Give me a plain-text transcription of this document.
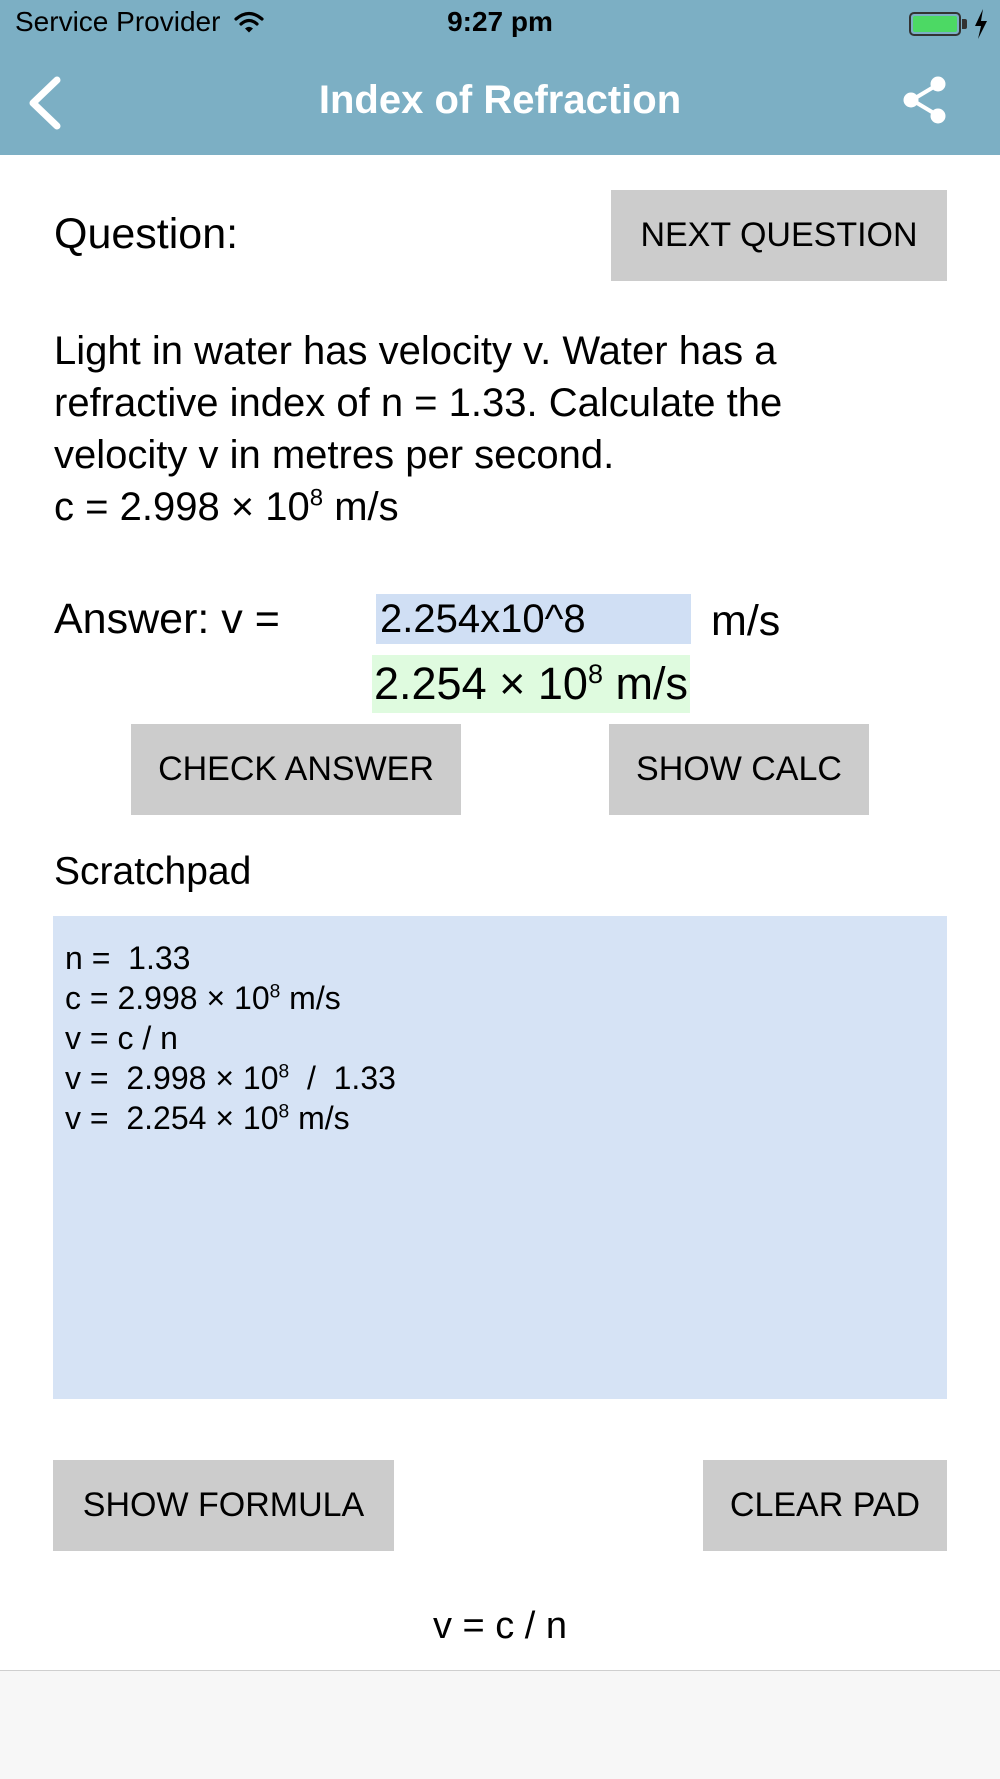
Service Provider	9:27 pm
Index of Refraction
Question:	NEXT QUESTION
Light in water has velocity v. Water has a
refractive index of n = 1.33. Calculate the
velocity v in metres per second.
$c = 2.998 \times 10^8$ m/s
Answer: v =
2.254x10^8	m/s
$2.254 \times 10^8$ m/s
CHECK ANSWER	SHOW CALC
Scratchpad
n =  1.33
$c = 2.998 \times 10^8$ m/s
v = c / n
$v = 2.998 \times 10^8 / 1.33$
$v = 2.254 \times 10^8$ m/s
SHOW FORMULA	CLEAR PAD
v = c / n
